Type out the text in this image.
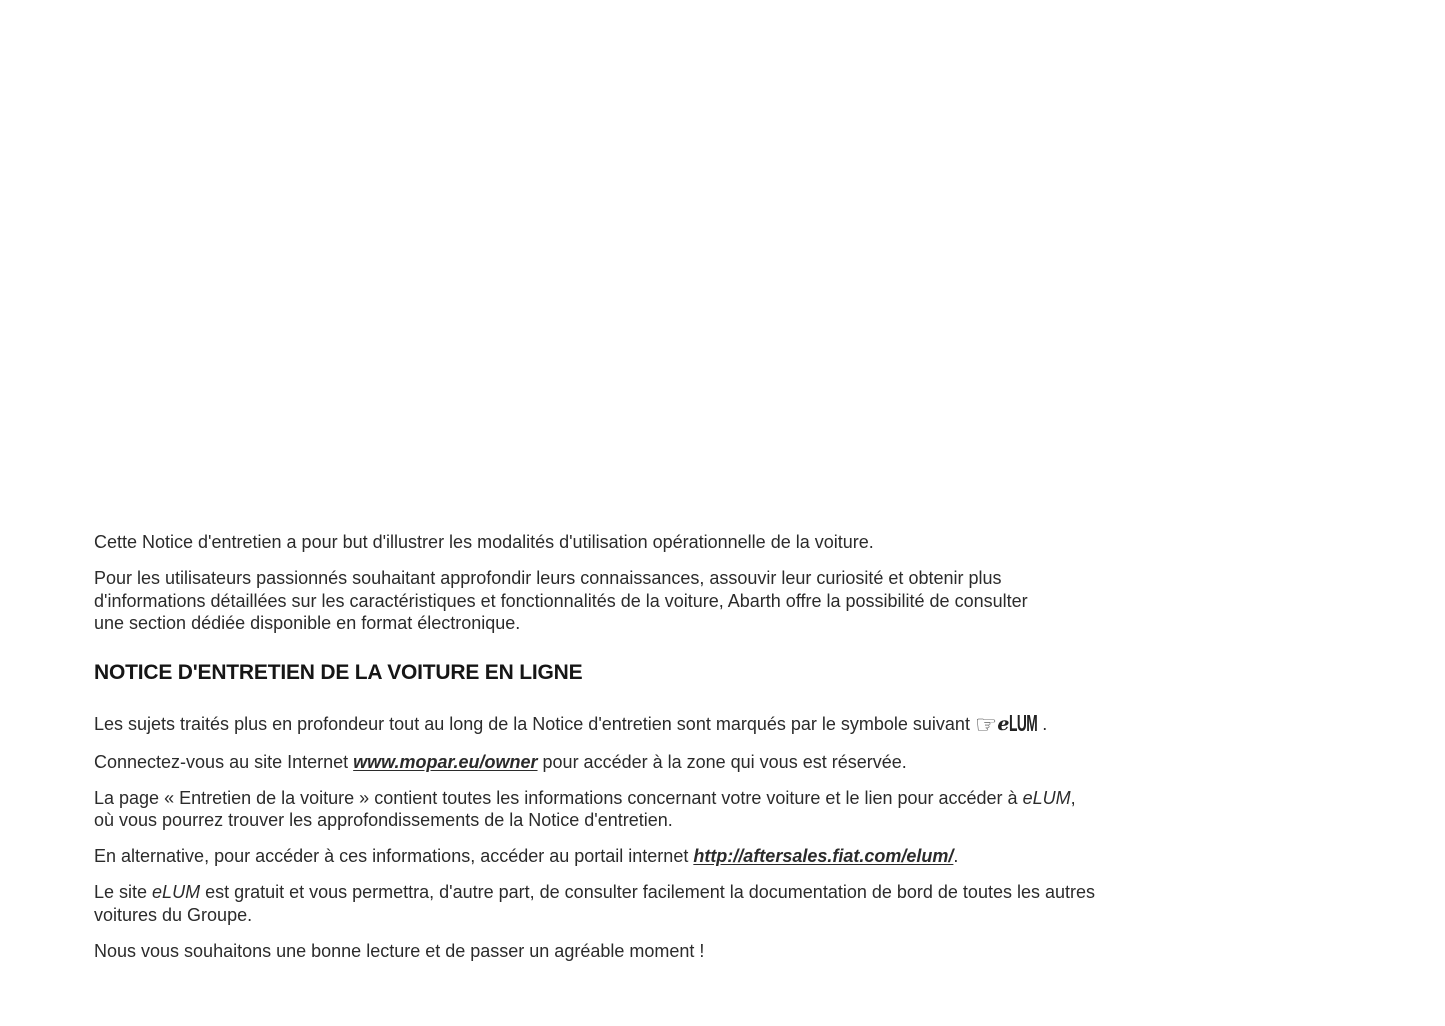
Cette Notice d'entretien a pour but d'illustrer les modalités d'utilisation opérationnelle de la voiture.

Pour les utilisateurs passionnés souhaitant approfondir leurs connaissances, assouvir leur curiosité et obtenir plus
d'informations détaillées sur les caractéristiques et fonctionnalités de la voiture, Abarth offre la possibilité de consulter
une section dédiée disponible en format électronique.

NOTICE D'ENTRETIEN DE LA VOITURE EN LIGNE

Les sujets traités plus en profondeur tout au long de la Notice d'entretien sont marqués par le symbole suivant ☞eLUM .

Connectez-vous au site Internet www.mopar.eu/owner pour accéder à la zone qui vous est réservée.

La page « Entretien de la voiture » contient toutes les informations concernant votre voiture et le lien pour accéder à eLUM,
où vous pourrez trouver les approfondissements de la Notice d'entretien.

En alternative, pour accéder à ces informations, accéder au portail internet http://aftersales.fiat.com/elum/.

Le site eLUM est gratuit et vous permettra, d'autre part, de consulter facilement la documentation de bord de toutes les autres
voitures du Groupe.

Nous vous souhaitons une bonne lecture et de passer un agréable moment !
